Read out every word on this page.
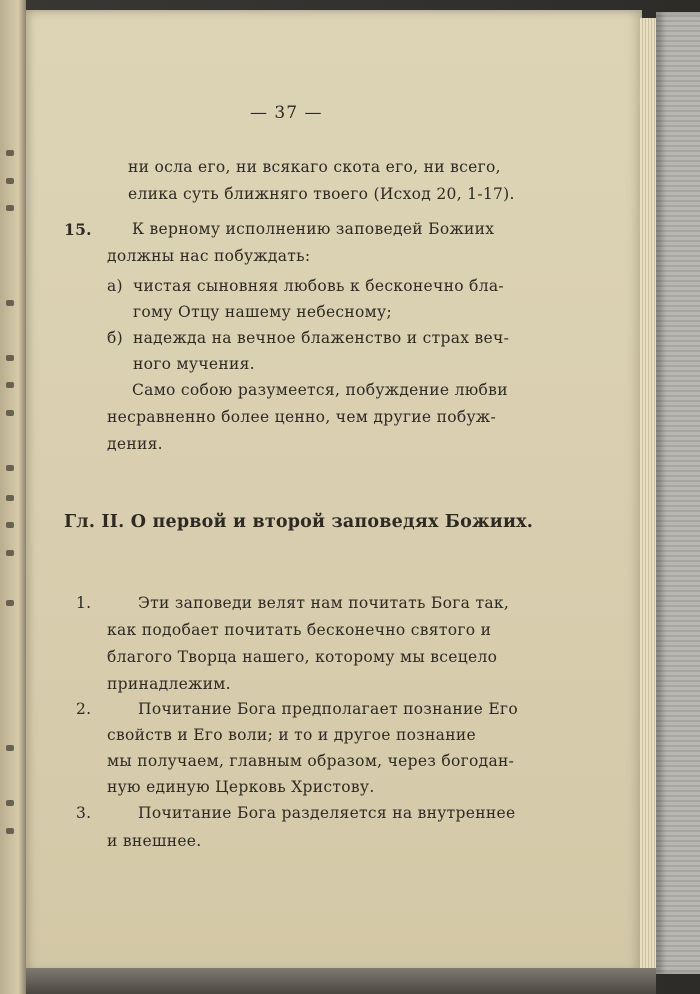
— 37 —
ни осла его, ни всякаго скота его, ни всего,
елика суть ближняго твоего (Исход 20, 1-17).
15.	К верному исполнению заповедей Божиих
должны нас побуждать:
а) чистая сыновняя любовь к бесконечно бла-
гому Отцу нашему небесному;
б) надежда на вечное блаженство и страх веч-
ного мучения.
Само собою разумеется, побуждение любви
несравненно более ценно, чем другие побуж-
дения.
Гл. II. О первой и второй заповедях Божиих.
1.	Эти заповеди велят нам почитать Бога так,
как подобает почитать бесконечно святого и
благого Творца нашего, которому мы всецело
принадлежим.
2.	Почитание Бога предполагает познание Его
свойств и Его воли; и то и другое познание
мы получаем, главным образом, через богодан-
ную единую Церковь Христову.
3.	Почитание Бога разделяется на внутреннее
и внешнее.
